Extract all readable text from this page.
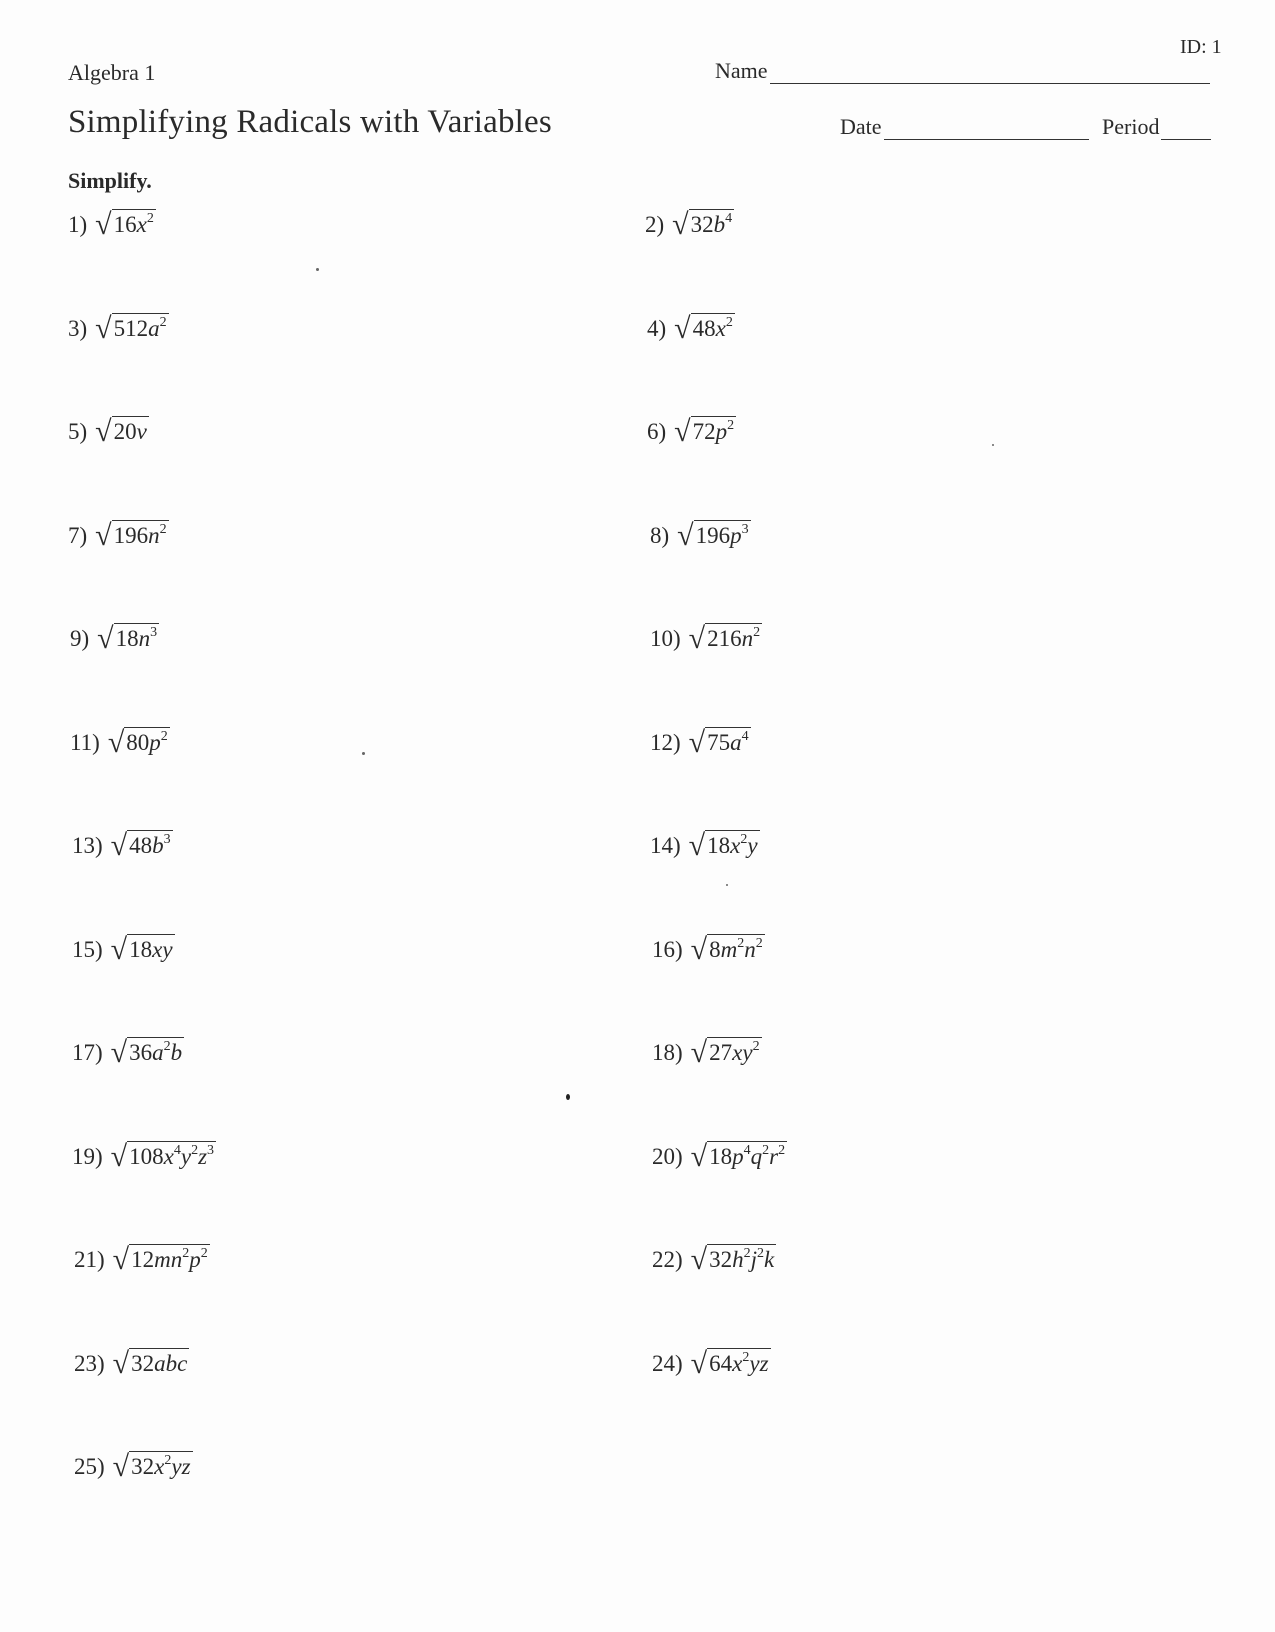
ID: 1
Algebra 1
Simplifying Radicals with Variables
Simplify.
Name
Date	Period
1) √ $16x^2$	2) √ $32b^4$
3) √ $512a^2$	4) √ $48x^2$
5) √ 20v	6) √ $72p^2$
7) √ $196n^2$	8) √ $196p^3$
9) √ $18n^3$	10) √ $216n^2$
11) √ $80p^2$	12) √ $75a^4$
13) √ $48b^3$	14) √ $18x^2y$
15) √ 18xy	16) √ $8m^2n^2$
17) √ $36a^2b$	18) √ $27xy^2$
19) √ $108x^4y^2z^3$	20) √ $18p^4q^2r^2$
21) √ $12mn^2p^2$	22) √ $32h^2j^2k$
23) √ 32abc	24) √ $64x^2yz$
25) √ $32x^2yz$
